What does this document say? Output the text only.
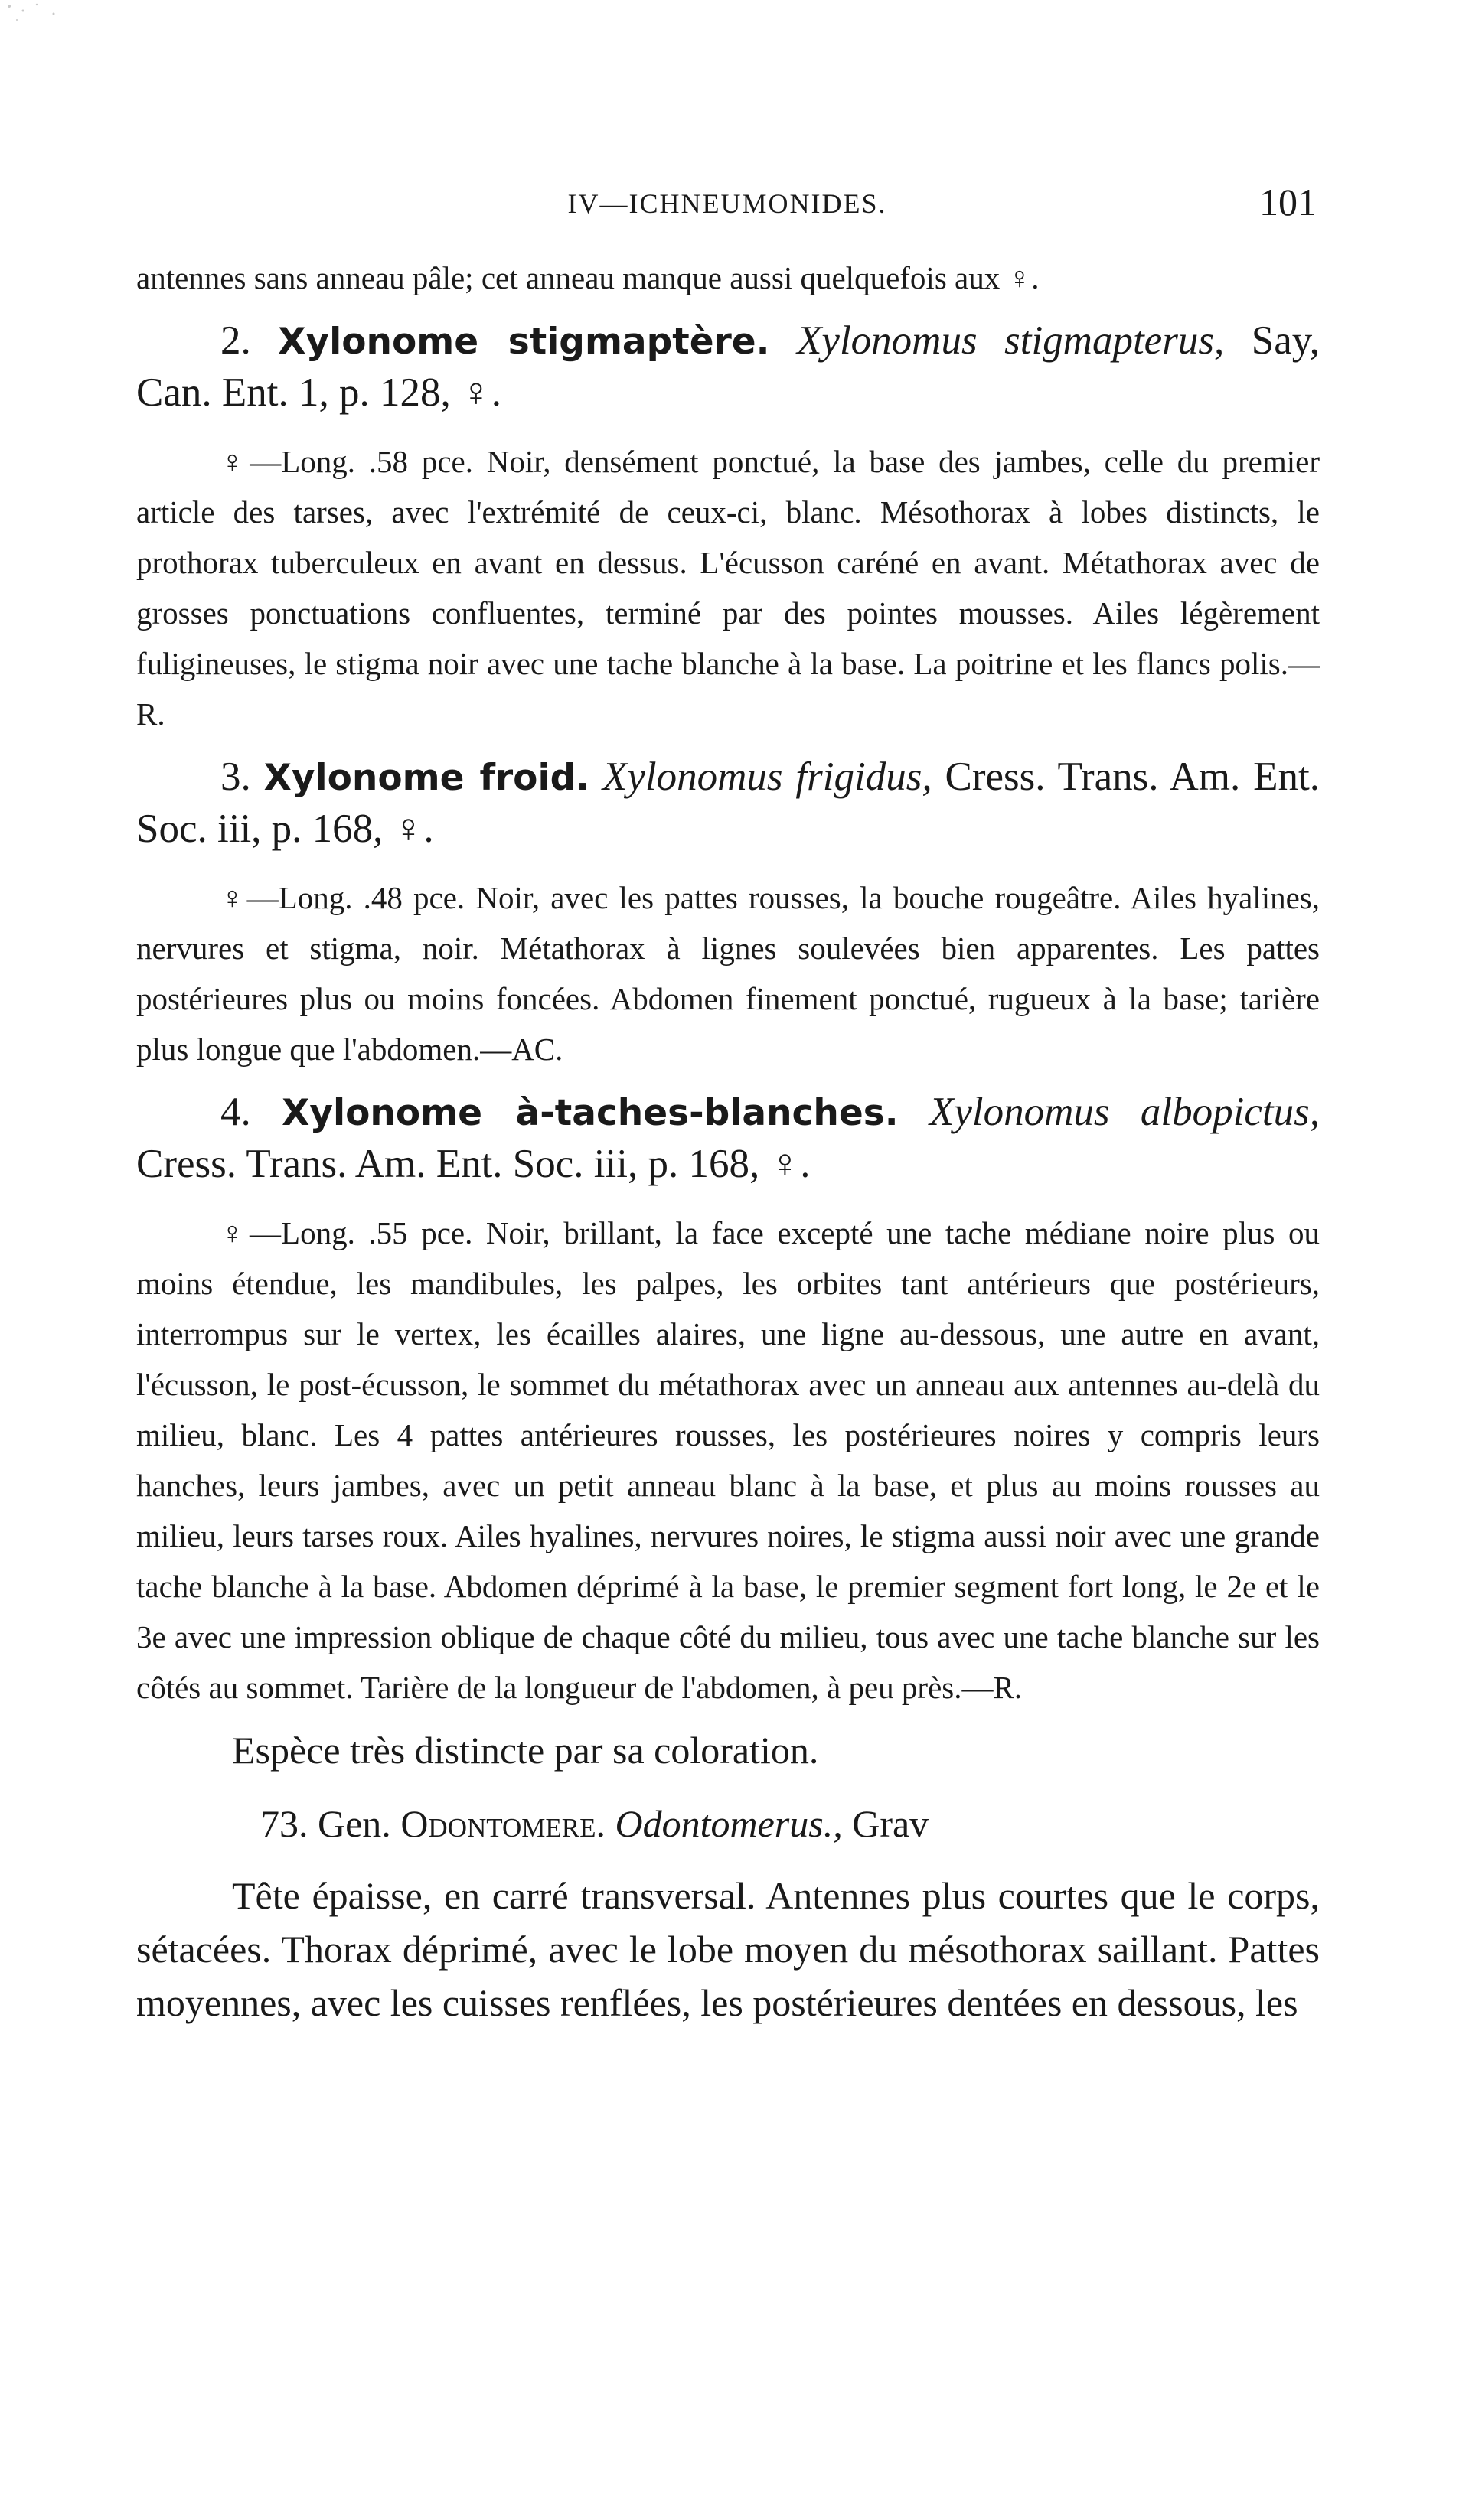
IV—ICHNEUMONIDES.	101

antennes sans anneau pâle; cet anneau manque aussi quelquefois aux ♀.

2. Xylonome stigmaptère. Xylonomus stigmapterus, Say, Can. Ent. 1, p. 128, ♀.

♀—Long. .58 pce. Noir, densément ponctué, la base des jambes, celle du premier article des tarses, avec l'extrémité de ceux-ci, blanc. Mésothorax à lobes distincts, le prothorax tuberculeux en avant en dessus. L'écusson caréné en avant. Métathorax avec de grosses ponctuations confluentes, terminé par des pointes mousses. Ailes légèrement fuligineuses, le stigma noir avec une tache blanche à la base. La poitrine et les flancs polis.—R.

3. Xylonome froid. Xylonomus frigidus, Cress. Trans. Am. Ent. Soc. iii, p. 168, ♀.

♀—Long. .48 pce. Noir, avec les pattes rousses, la bouche rougeâtre. Ailes hyalines, nervures et stigma, noir. Métathorax à lignes soulevées bien apparentes. Les pattes postérieures plus ou moins foncées. Abdomen finement ponctué, rugueux à la base; tarière plus longue que l'abdomen.—AC.

4. Xylonome à-taches-blanches. Xylonomus albopictus, Cress. Trans. Am. Ent. Soc. iii, p. 168, ♀.

♀—Long. .55 pce. Noir, brillant, la face excepté une tache médiane noire plus ou moins étendue, les mandibules, les palpes, les orbites tant antérieurs que postérieurs, interrompus sur le vertex, les écailles alaires, une ligne au-dessous, une autre en avant, l'écusson, le post-écusson, le sommet du métathorax avec un anneau aux antennes au-delà du milieu, blanc. Les 4 pattes antérieures rousses, les postérieures noires y compris leurs hanches, leurs jambes, avec un petit anneau blanc à la base, et plus au moins rousses au milieu, leurs tarses roux. Ailes hyalines, nervures noires, le stigma aussi noir avec une grande tache blanche à la base. Abdomen déprimé à la base, le premier segment fort long, le 2e et le 3e avec une impression oblique de chaque côté du milieu, tous avec une tache blanche sur les côtés au sommet. Tarière de la longueur de l'abdomen, à peu près.—R.

Espèce très distincte par sa coloration.

73. Gen. Odontomere. Odontomerus., Grav

Tête épaisse, en carré transversal. Antennes plus courtes que le corps, sétacées. Thorax déprimé, avec le lobe moyen du mésothorax saillant. Pattes moyennes, avec les cuisses renflées, les postérieures dentées en dessous, les
